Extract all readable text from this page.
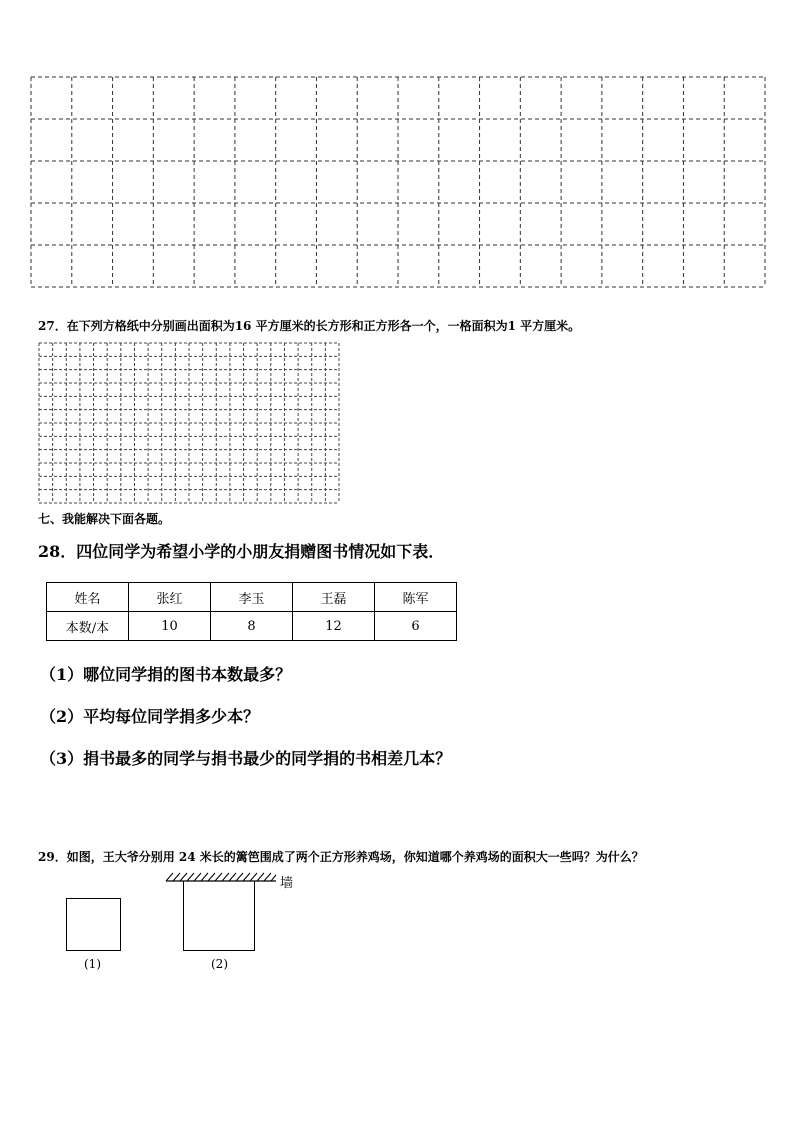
27．在下列方格纸中分别画出面积为16 平方厘米的长方形和正方形各一个，一格面积为1 平方厘米。
七、我能解决下面各题。
28．四位同学为希望小学的小朋友捐赠图书情况如下表．
姓名	张红	李玉	王磊	陈军
本数/本	10	8	12	6
（1）哪位同学捐的图书本数最多？
（2）平均每位同学捐多少本？
（3）捐书最多的同学与捐书最少的同学捐的书相差几本？
29．如图，王大爷分别用 24 米长的篱笆围成了两个正方形养鸡场，你知道哪个养鸡场的面积大一些吗？为什么？
(1)
墙
(2)
